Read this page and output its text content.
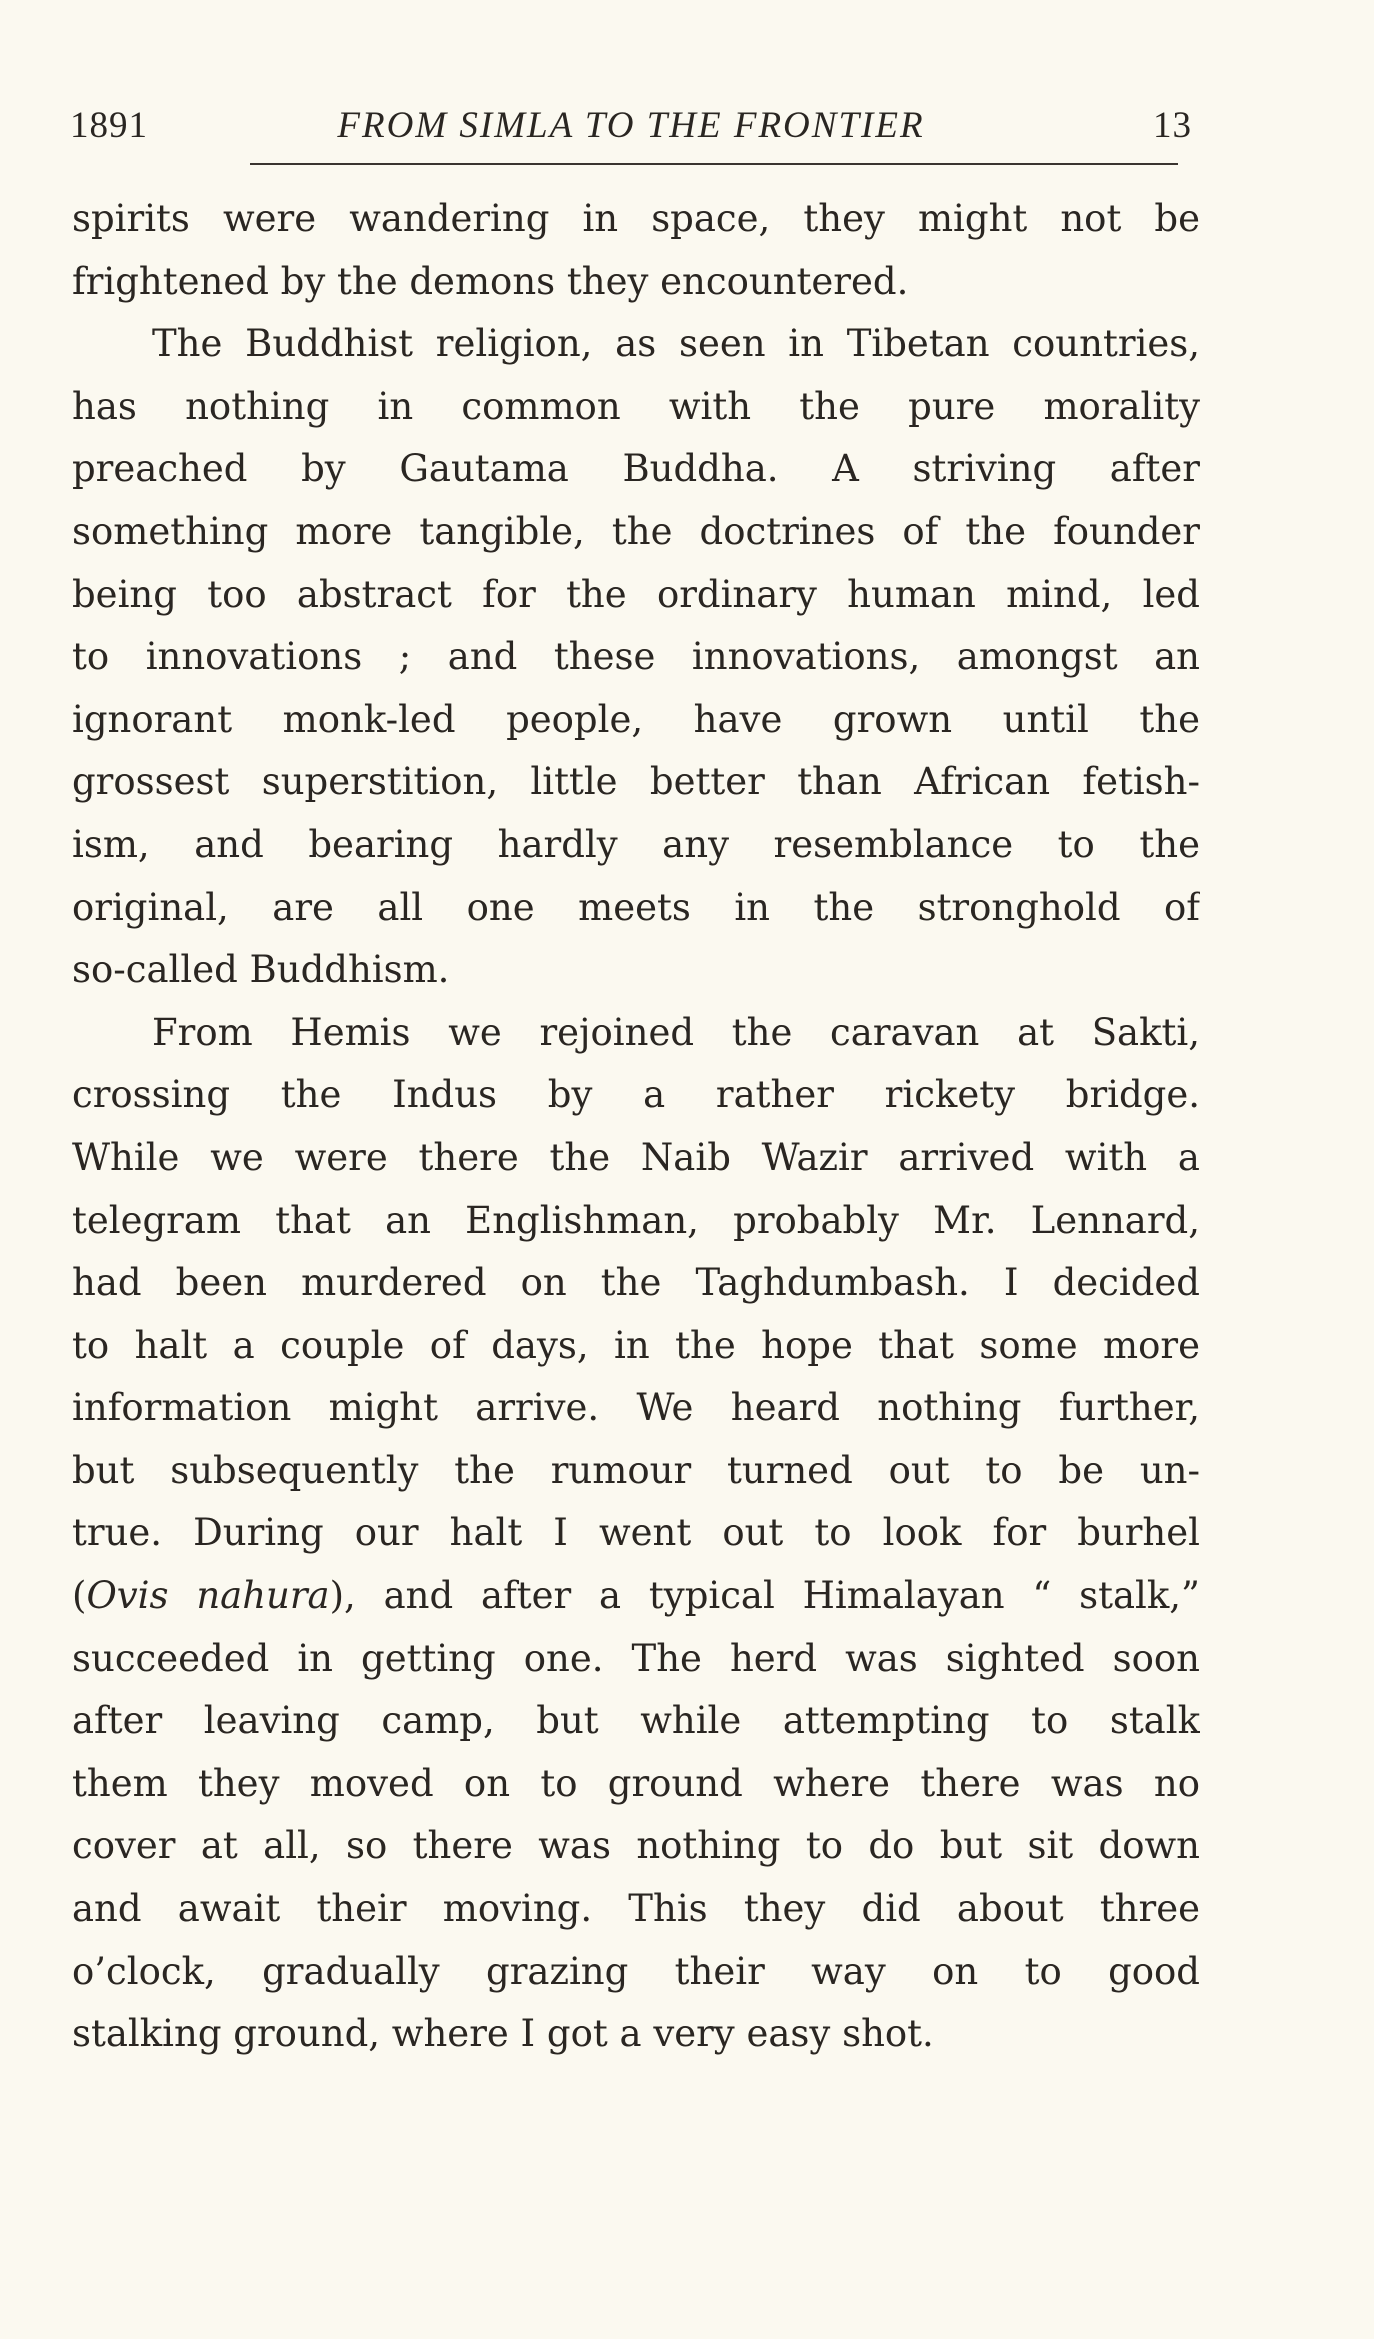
1891	FROM SIMLA TO THE FRONTIER	13
spirits were wandering in space, they might not be
frightened by the demons they encountered.
The Buddhist religion, as seen in Tibetan countries,
has nothing in common with the pure morality
preached by Gautama Buddha. A striving after
something more tangible, the doctrines of the founder
being too abstract for the ordinary human mind, led
to innovations ; and these innovations, amongst an
ignorant monk-led people, have grown until the
grossest superstition, little better than African fetish-
ism, and bearing hardly any resemblance to the
original, are all one meets in the stronghold of
so-called Buddhism.
From Hemis we rejoined the caravan at Sakti,
crossing the Indus by a rather rickety bridge.
While we were there the Naib Wazir arrived with a
telegram that an Englishman, probably Mr. Lennard,
had been murdered on the Taghdumbash. I decided
to halt a couple of days, in the hope that some more
information might arrive. We heard nothing further,
but subsequently the rumour turned out to be un-
true. During our halt I went out to look for burhel
(Ovis nahura), and after a typical Himalayan “ stalk,”
succeeded in getting one. The herd was sighted soon
after leaving camp, but while attempting to stalk
them they moved on to ground where there was no
cover at all, so there was nothing to do but sit down
and await their moving. This they did about three
o’clock, gradually grazing their way on to good
stalking ground, where I got a very easy shot.
